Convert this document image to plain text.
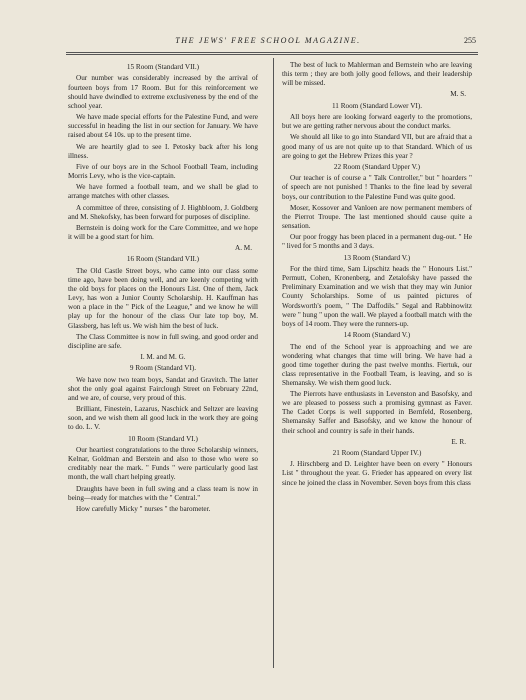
THE JEWS' FREE SCHOOL MAGAZINE.	255
15 Room (Standard VII.)

Our number was considerably increased by the arrival of fourteen boys from 17 Room. But for this reinforcement we should have dwindled to extreme exclusiveness by the end of the school year.

We have made special efforts for the Palestine Fund, and were successful in heading the list in our section for January. We have raised about £4 10s. up to the present time.

We are heartily glad to see I. Petosky back after his long illness.

Five of our boys are in the School Football Team, including Morris Levy, who is the vice-captain.

We have formed a football team, and we shall be glad to arrange matches with other classes.

A committee of three, consisting of J. Highbloom, J. Goldberg and M. Shekofsky, has been forward for purposes of discipline.

Bernstein is doing work for the Care Committee, and we hope it will be a good start for him.

A. M.
16 Room (Standard VII.)

The Old Castle Street boys, who came into our class some time ago, have been doing well, and are keenly competing with the old boys for places on the Honours List. One of them, Jack Levy, has won a Junior County Scholarship. H. Kauffman has won a place in the " Pick of the League," and we know he will play up for the honour of the class Our late top boy, M. Glassberg, has left us. We wish him the best of luck.

The Class Committee is now in full swing, and good order and discipline are safe.

I. M. and M. G.
9 Room (Standard VI).

We have now two team boys, Sandat and Gravitch. The latter shot the only goal against Fairclough Street on February 22nd, and we are, of course, very proud of this.

Brilliant, Finestein, Lazarus, Naschick and Seltzer are leaving soon, and we wish them all good luck in the work they are going to do. L. V.

10 Room (Standard VI.)

Our heartiest congratulations to the three Scholarship winners, Kelnar, Goldman and Berstein and also to those who were so creditably near the mark. " Funds " were particularly good last month, the wall chart helping greatly.

Draughts have been in full swing and a class team is now in being—ready for matches with the " Central."

How carefully Micky " nurses " the barometer.

The best of luck to Mahlerman and Bernstein who are leaving this term ; they are both jolly good fellows, and their leadership will be missed.

M. S.
11 Room (Standard Lower VI).

All boys here are looking forward eagerly to the promotions, but we are getting rather nervous about the conduct marks.

We should all like to go into Standard VII, but are afraid that a good many of us are not quite up to that Standard. Which of us are going to get the Hebrew Prizes this year ?

22 Room (Standard Upper V.)

Our teacher is of course a " Talk Controller," but " hoarders " of speech are not punished ! Thanks to the fine lead by several boys, our contribution to the Palestine Fund was quite good.

Moser, Kossover and Vanloen are now permanent members of the Pierrot Troupe. The last mentioned should cause quite a sensation.

Our poor froggy has been placed in a permanent dug-out. " He " lived for 5 months and 3 days.

13 Room (Standard V.)

For the third time, Sam Lipschitz heads the " Honours List." Permutt, Cohen, Kronenberg, and Zetalofsky have passed the Preliminary Examination and we wish that they may win Junior County Scholarships. Some of us painted pictures of Wordsworth's poem, " The Daffodils." Segal and Rabbinowitz were " hung " upon the wall. We played a football match with the boys of 14 room. They were the runners-up.

14 Room (Standard V.)

The end of the School year is approaching and we are wondering what changes that time will bring. We have had a good time together during the past twelve months. Fiertuk, our class representative in the Football Team, is leaving, and so is Shemansky. We wish them good luck.

The Pierrots have enthusiasts in Levenston and Basofsky, and we are pleased to possess such a promising gymnast as Faver. The Cadet Corps is well supported in Bernfeld, Rosenberg, Shemansky Saffer and Basofsky, and we know the honour of their school and country is safe in their hands.

E. R.
21 Room (Standard Upper IV.)

J. Hirschberg and D. Leighter have been on every " Honours List " throughout the year. G. Frieder has appeared on every list since he joined the class in November. Seven boys from this class
